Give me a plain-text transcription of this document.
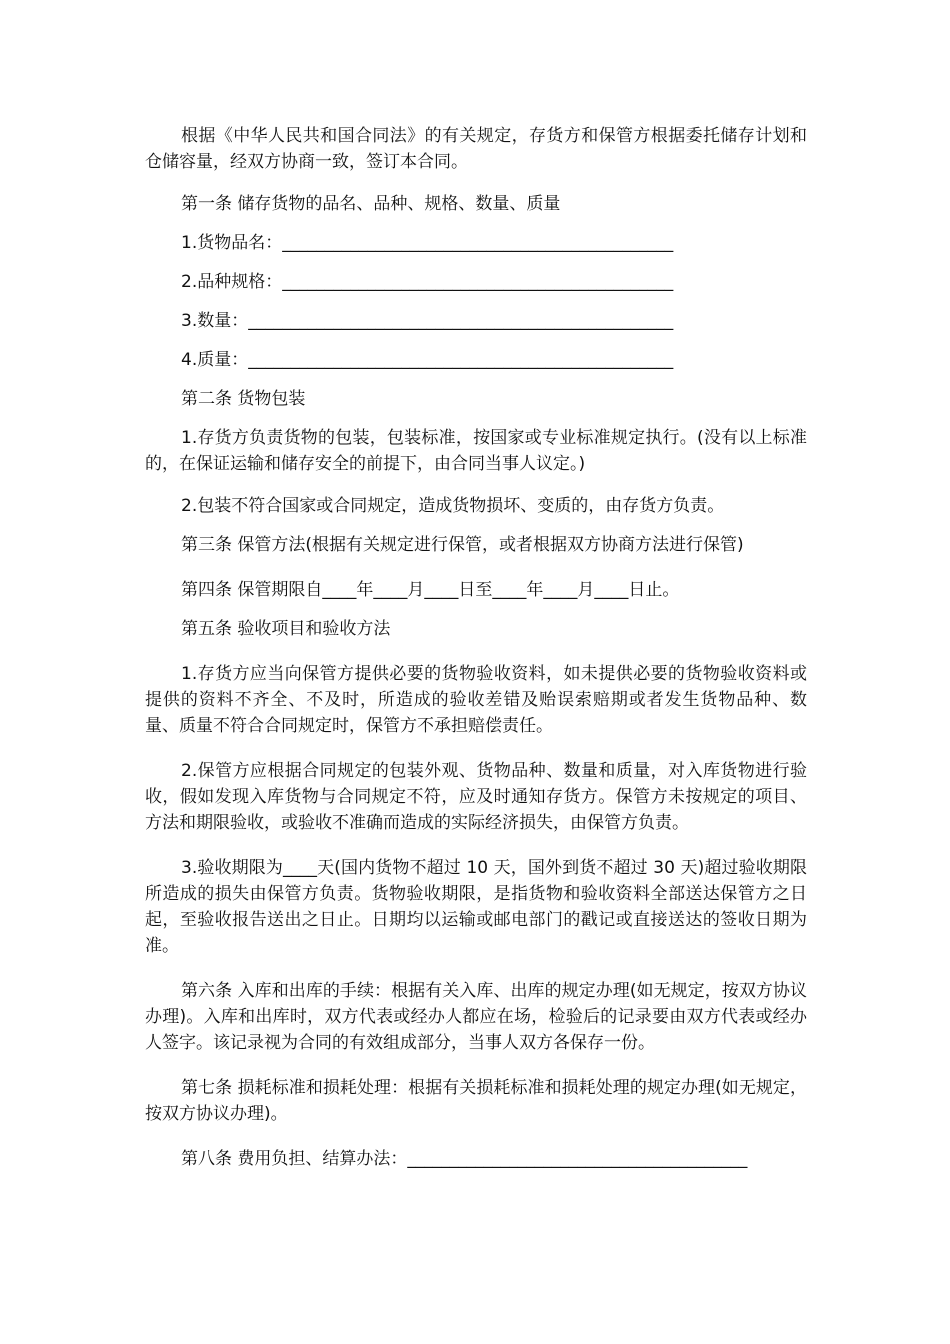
根据《中华人民共和国合同法》的有关规定，存货方和保管方根据委托储存计划和仓储容量，经双方协商一致，签订本合同。

第一条 储存货物的品名、品种、规格、数量、质量

1.货物品名：______________________________________________

2.品种规格：______________________________________________

3.数量：__________________________________________________

4.质量：__________________________________________________

第二条 货物包装

1.存货方负责货物的包装，包装标准，按国家或专业标准规定执行。(没有以上标准的，在保证运输和储存安全的前提下，由合同当事人议定。)

2.包装不符合国家或合同规定，造成货物损坏、变质的，由存货方负责。

第三条 保管方法(根据有关规定进行保管，或者根据双方协商方法进行保管)

第四条 保管期限自____年____月____日至____年____月____日止。

第五条 验收项目和验收方法

1.存货方应当向保管方提供必要的货物验收资料，如未提供必要的货物验收资料或提供的资料不齐全、不及时，所造成的验收差错及贻误索赔期或者发生货物品种、数量、质量不符合合同规定时，保管方不承担赔偿责任。

2.保管方应根据合同规定的包装外观、货物品种、数量和质量，对入库货物进行验收，假如发现入库货物与合同规定不符，应及时通知存货方。保管方未按规定的项目、方法和期限验收，或验收不准确而造成的实际经济损失，由保管方负责。

3.验收期限为____天(国内货物不超过 10 天，国外到货不超过 30 天)超过验收期限所造成的损失由保管方负责。货物验收期限，是指货物和验收资料全部送达保管方之日起，至验收报告送出之日止。日期均以运输或邮电部门的戳记或直接送达的签收日期为准。

第六条 入库和出库的手续：根据有关入库、出库的规定办理(如无规定，按双方协议办理)。入库和出库时，双方代表或经办人都应在场，检验后的记录要由双方代表或经办人签字。该记录视为合同的有效组成部分，当事人双方各保存一份。

第七条 损耗标准和损耗处理：根据有关损耗标准和损耗处理的规定办理(如无规定，按双方协议办理)。

第八条 费用负担、结算办法：________________________________________
